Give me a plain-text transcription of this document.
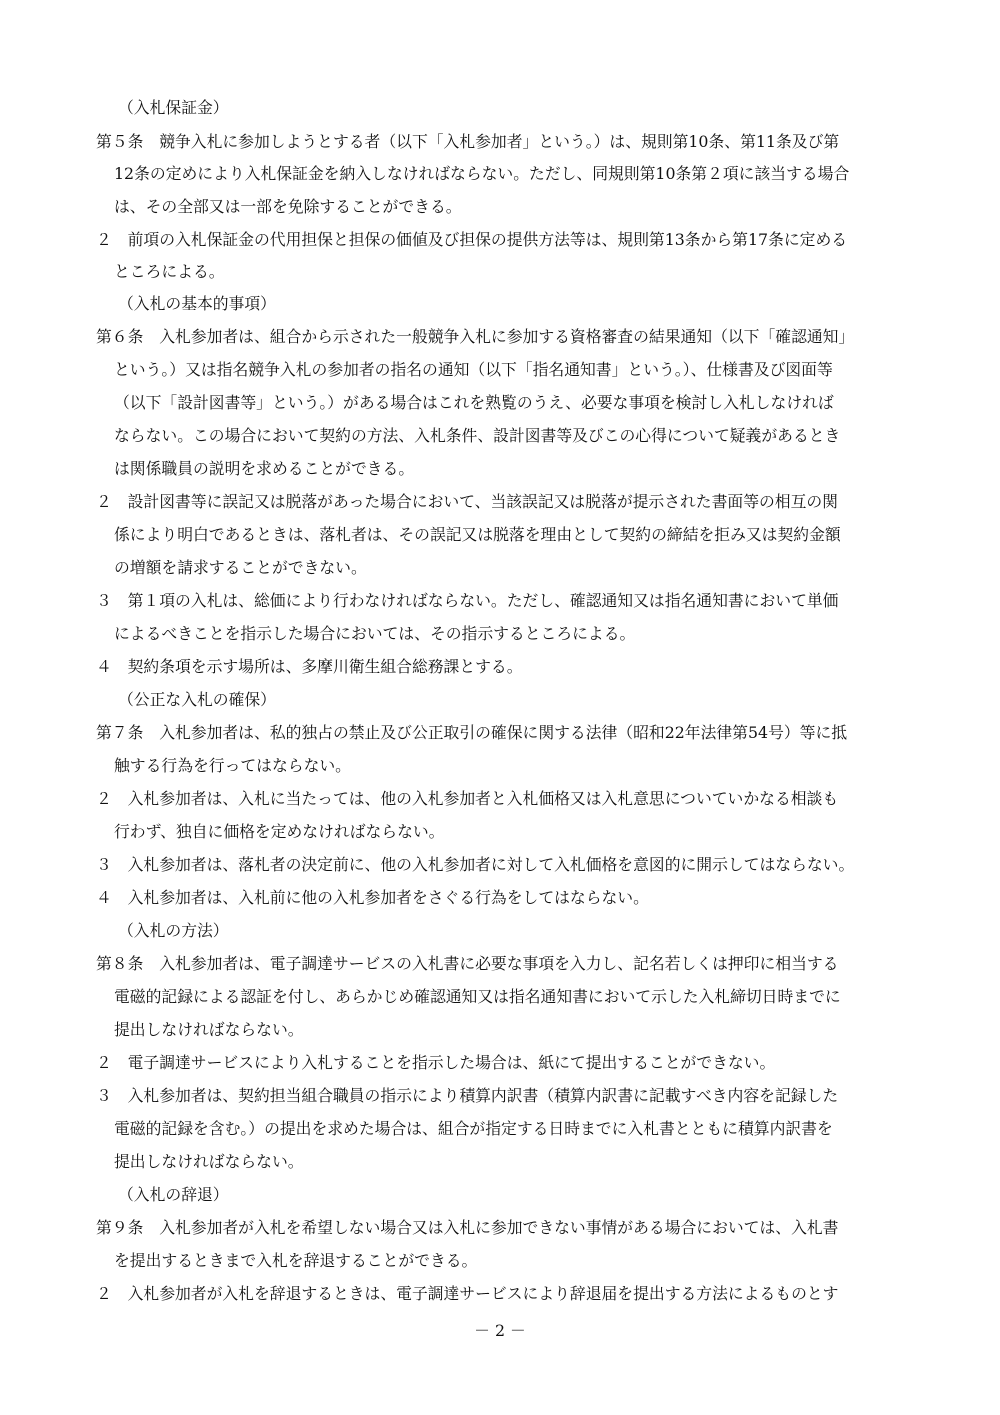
（入札保証金）
第５条　競争入札に参加しようとする者（以下「入札参加者」という。）は、規則第10条、第11条及び第
12条の定めにより入札保証金を納入しなければならない。ただし、同規則第10条第２項に該当する場合
は、その全部又は一部を免除することができる。
２　前項の入札保証金の代用担保と担保の価値及び担保の提供方法等は、規則第13条から第17条に定める
ところによる。
（入札の基本的事項）
第６条　入札参加者は、組合から示された一般競争入札に参加する資格審査の結果通知（以下「確認通知」
という。）又は指名競争入札の参加者の指名の通知（以下「指名通知書」という。）、仕様書及び図面等
（以下「設計図書等」という。）がある場合はこれを熟覧のうえ、必要な事項を検討し入札しなければ
ならない。この場合において契約の方法、入札条件、設計図書等及びこの心得について疑義があるとき
は関係職員の説明を求めることができる。
２　設計図書等に誤記又は脱落があった場合において、当該誤記又は脱落が提示された書面等の相互の関
係により明白であるときは、落札者は、その誤記又は脱落を理由として契約の締結を拒み又は契約金額
の増額を請求することができない。
３　第１項の入札は、総価により行わなければならない。ただし、確認通知又は指名通知書において単価
によるべきことを指示した場合においては、その指示するところによる。
４　契約条項を示す場所は、多摩川衛生組合総務課とする。
（公正な入札の確保）
第７条　入札参加者は、私的独占の禁止及び公正取引の確保に関する法律（昭和22年法律第54号）等に抵
触する行為を行ってはならない。
２　入札参加者は、入札に当たっては、他の入札参加者と入札価格又は入札意思についていかなる相談も
行わず、独自に価格を定めなければならない。
３　入札参加者は、落札者の決定前に、他の入札参加者に対して入札価格を意図的に開示してはならない。
４　入札参加者は、入札前に他の入札参加者をさぐる行為をしてはならない。
（入札の方法）
第８条　入札参加者は、電子調達サービスの入札書に必要な事項を入力し、記名若しくは押印に相当する
電磁的記録による認証を付し、あらかじめ確認通知又は指名通知書において示した入札締切日時までに
提出しなければならない。
２　電子調達サービスにより入札することを指示した場合は、紙にて提出することができない。
３　入札参加者は、契約担当組合職員の指示により積算内訳書（積算内訳書に記載すべき内容を記録した
電磁的記録を含む。）の提出を求めた場合は、組合が指定する日時までに入札書とともに積算内訳書を
提出しなければならない。
（入札の辞退）
第９条　入札参加者が入札を希望しない場合又は入札に参加できない事情がある場合においては、入札書
を提出するときまで入札を辞退することができる。
２　入札参加者が入札を辞退するときは、電子調達サービスにより辞退届を提出する方法によるものとす
－ 2 －
